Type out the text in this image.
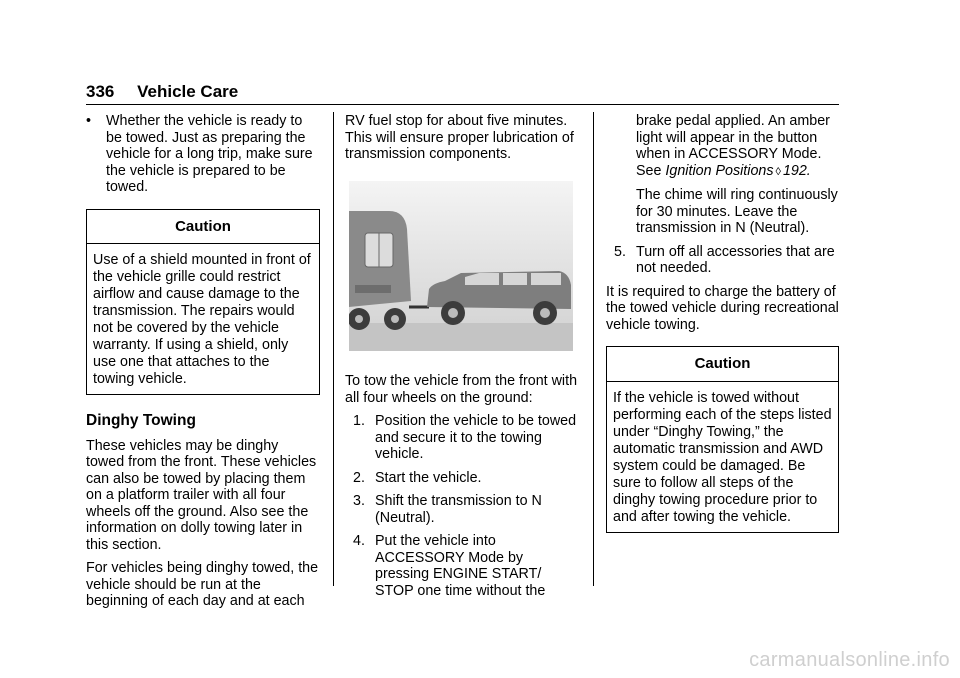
336 Vehicle Care
• Whether the vehicle is ready to be towed. Just as preparing the vehicle for a long trip, make sure the vehicle is prepared to be towed.
Caution
Use of a shield mounted in front of the vehicle grille could restrict airflow and cause damage to the transmission. The repairs would not be covered by the vehicle warranty. If using a shield, only use one that attaches to the towing vehicle.
Dinghy Towing

These vehicles may be dinghy towed from the front. These vehicles can also be towed by placing them on a platform trailer with all four wheels off the ground. Also see the information on dolly towing later in this section.

For vehicles being dinghy towed, the vehicle should be run at the beginning of each day and at each

RV fuel stop for about five minutes. This will ensure proper lubrication of transmission components.

To tow the vehicle from the front with all four wheels on the ground:

1. Position the vehicle to be towed and secure it to the towing vehicle.
2. Start the vehicle.
3. Shift the transmission to N (Neutral).
4. Put the vehicle into ACCESSORY Mode by pressing ENGINE START/ STOP one time without the
brake pedal applied. An amber light will appear in the button when in ACCESSORY Mode. See Ignition Positions ◊ 192.
The chime will ring continuously for 30 minutes. Leave the transmission in N (Neutral).
5. Turn off all accessories that are not needed.

It is required to charge the battery of the towed vehicle during recreational vehicle towing.

Caution
If the vehicle is towed without performing each of the steps listed under “Dinghy Towing,” the automatic transmission and AWD system could be damaged. Be sure to follow all steps of the dinghy towing procedure prior to and after towing the vehicle.
carmanualsonline.info
